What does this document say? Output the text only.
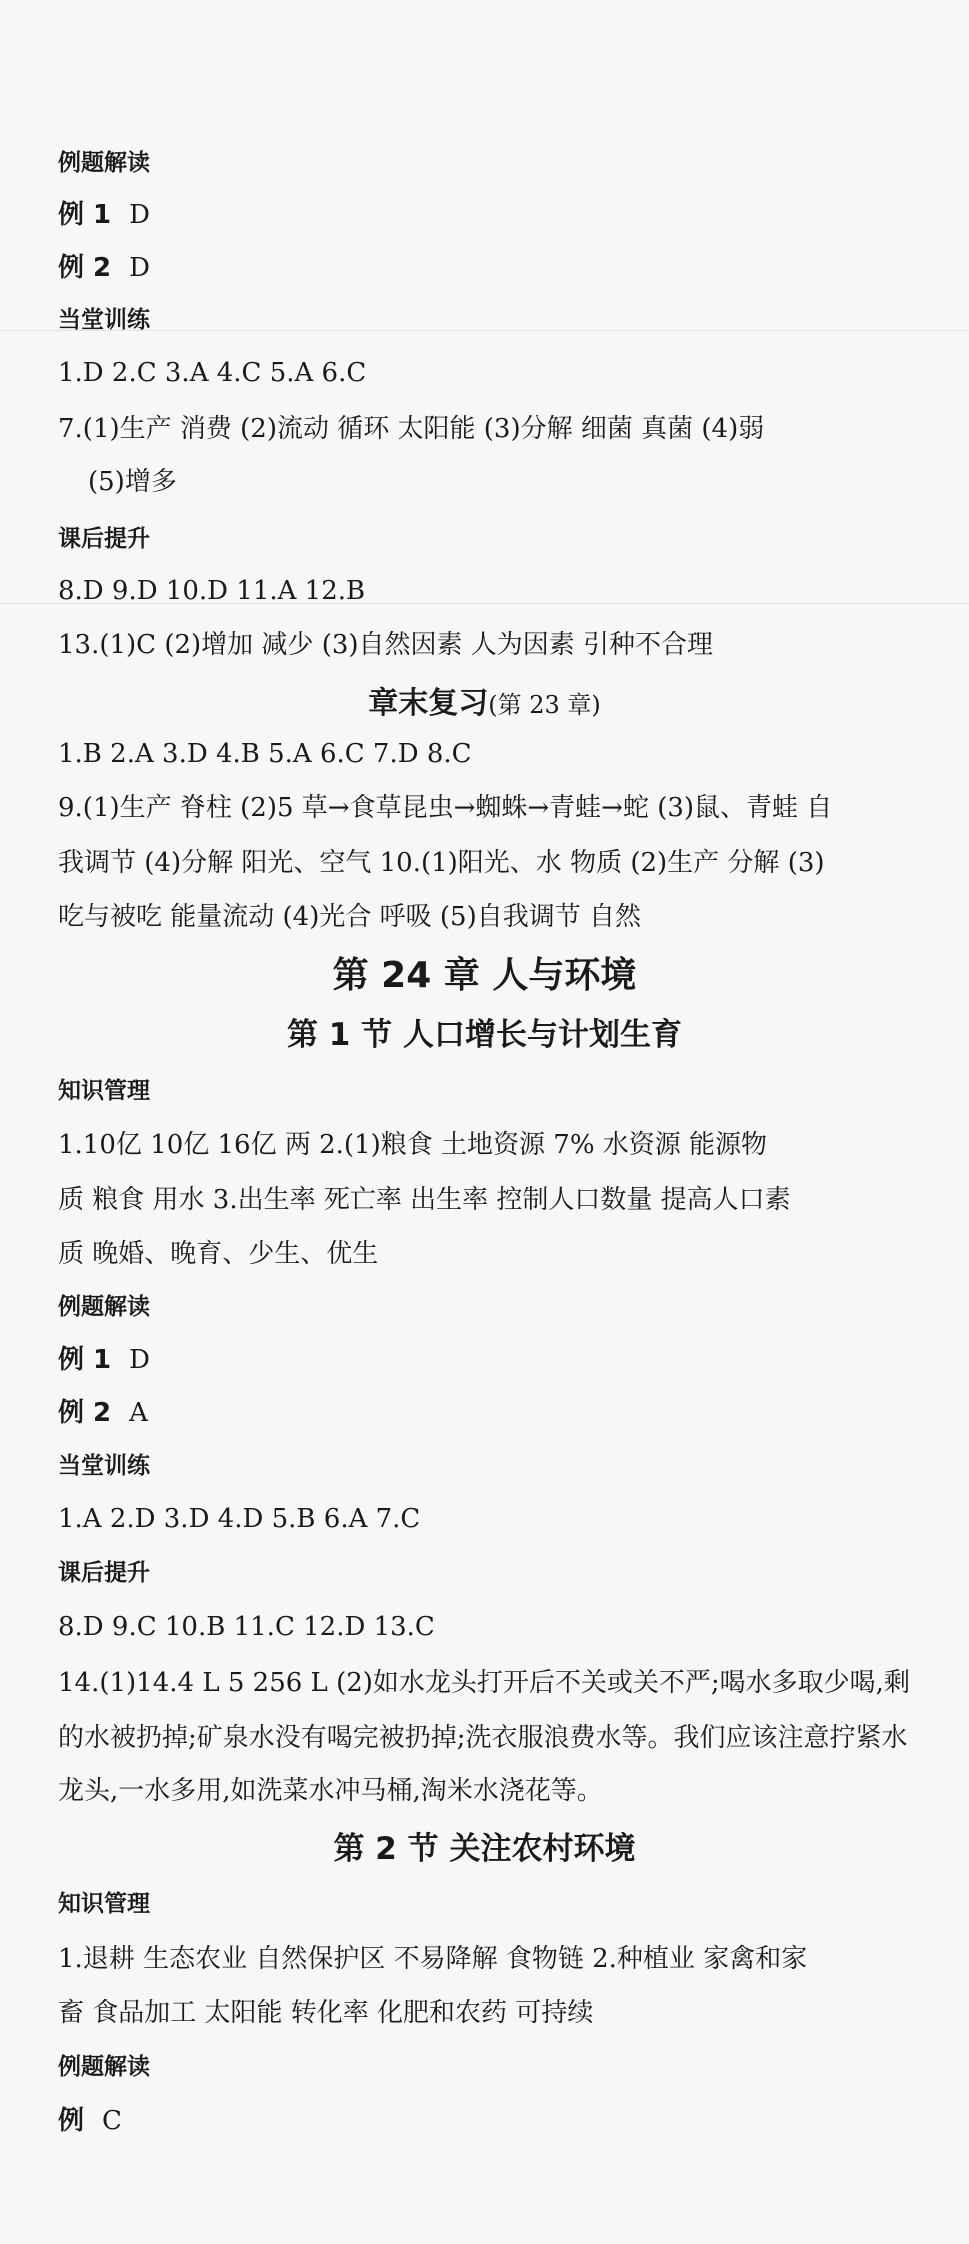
例题解读
例 1 D
例 2 D
当堂训练
1.D 2.C 3.A 4.C 5.A 6.C
7.(1)生产 消费 (2)流动 循环 太阳能 (3)分解 细菌 真菌 (4)弱
(5)增多
课后提升
8.D 9.D 10.D 11.A 12.B
13.(1)C (2)增加 减少 (3)自然因素 人为因素 引种不合理
章末复习(第 23 章)
1.B 2.A 3.D 4.B 5.A 6.C 7.D 8.C
9.(1)生产 脊柱 (2)5 草→食草昆虫→蜘蛛→青蛙→蛇 (3)鼠、青蛙 自
我调节 (4)分解 阳光、空气 10.(1)阳光、水 物质 (2)生产 分解 (3)
吃与被吃 能量流动 (4)光合 呼吸 (5)自我调节 自然
第 24 章 人与环境
第 1 节 人口增长与计划生育
知识管理
1.10亿 10亿 16亿 两 2.(1)粮食 土地资源 7% 水资源 能源物
质 粮食 用水 3.出生率 死亡率 出生率 控制人口数量 提高人口素
质 晚婚、晚育、少生、优生
例题解读
例 1 D
例 2 A
当堂训练
1.A 2.D 3.D 4.D 5.B 6.A 7.C
课后提升
8.D 9.C 10.B 11.C 12.D 13.C
14.(1)14.4 L 5 256 L (2)如水龙头打开后不关或关不严;喝水多取少喝,剩
的水被扔掉;矿泉水没有喝完被扔掉;洗衣服浪费水等。我们应该注意拧紧水
龙头,一水多用,如洗菜水冲马桶,淘米水浇花等。
第 2 节 关注农村环境
知识管理
1.退耕 生态农业 自然保护区 不易降解 食物链 2.种植业 家禽和家
畜 食品加工 太阳能 转化率 化肥和农药 可持续
例题解读
例 C
